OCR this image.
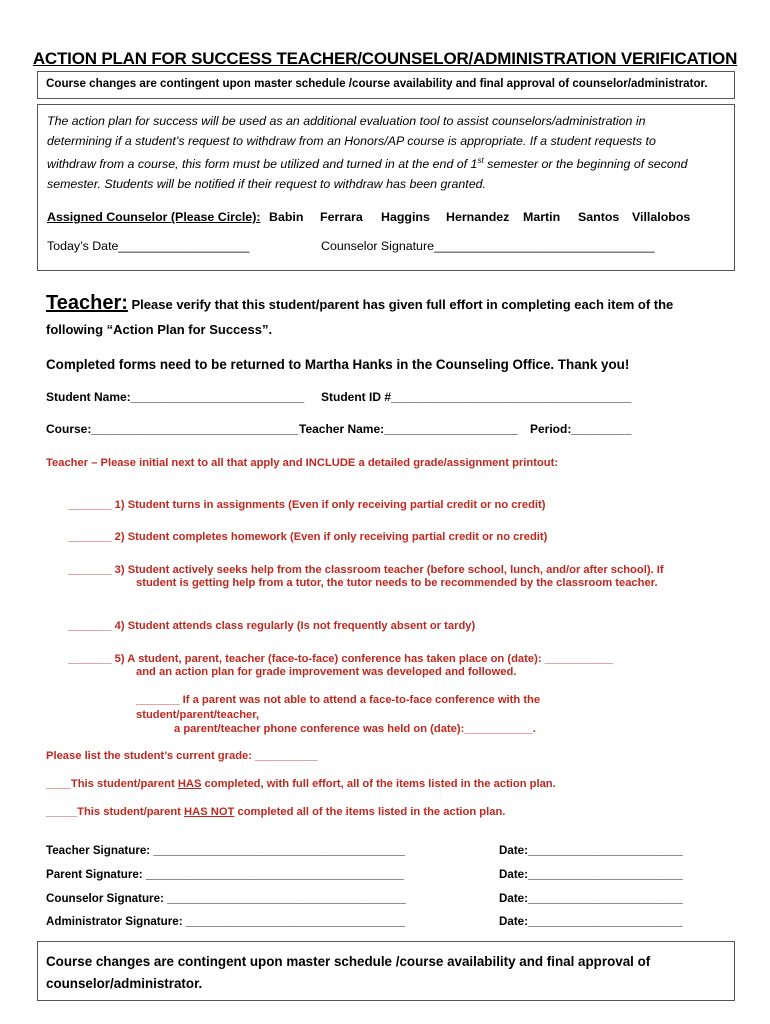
ACTION PLAN FOR SUCCESS TEACHER/COUNSELOR/ADMINISTRATION VERIFICATION
Course changes are contingent upon master schedule /course availability and final approval of counselor/administrator.
The action plan for success will be used as an additional evaluation tool to assist counselors/administration in
determining if a student’s request to withdraw from an Honors/AP course is appropriate. If a student requests to
withdraw from a course, this form must be utilized and turned in at the end of 1st semester or the beginning of second
semester. Students will be notified if their request to withdraw has been granted.
Assigned Counselor (Please Circle): Babin Ferrara Haggins Hernandez Martin Santos Villalobos
Today’s Date___________________	Counselor Signature________________________________
Teacher: Please verify that this student/parent has given full effort in completing each item of the
following “Action Plan for Success”.
Completed forms need to be returned to Martha Hanks in the Counseling Office. Thank you!
Student Name:__________________________ Student ID #____________________________________
Course:_______________________________ Teacher Name:____________________ Period:_________
Teacher – Please initial next to all that apply and INCLUDE a detailed grade/assignment printout:
_______ 1) Student turns in assignments (Even if only receiving partial credit or no credit)
_______ 2) Student completes homework (Even if only receiving partial credit or no credit)
_______ 3) Student actively seeks help from the classroom teacher (before school, lunch, and/or after school). If
student is getting help from a tutor, the tutor needs to be recommended by the classroom teacher.
_______ 4) Student attends class regularly (Is not frequently absent or tardy)
_______ 5) A student, parent, teacher (face-to-face) conference has taken place on (date): ___________
and an action plan for grade improvement was developed and followed.
_______ If a parent was not able to attend a face-to-face conference with the
student/parent/teacher,
a parent/teacher phone conference was held on (date):___________.
Please list the student’s current grade: __________
____This student/parent HAS completed, with full effort, all of the items listed in the action plan.
_____This student/parent HAS NOT completed all of the items listed in the action plan.
Teacher Signature: _______________________________________	Date:________________________
Parent Signature: ________________________________________	Date:________________________
Counselor Signature: _____________________________________	Date:________________________
Administrator Signature: __________________________________	Date:________________________
Course changes are contingent upon master schedule /course availability and final approval of counselor/administrator.
